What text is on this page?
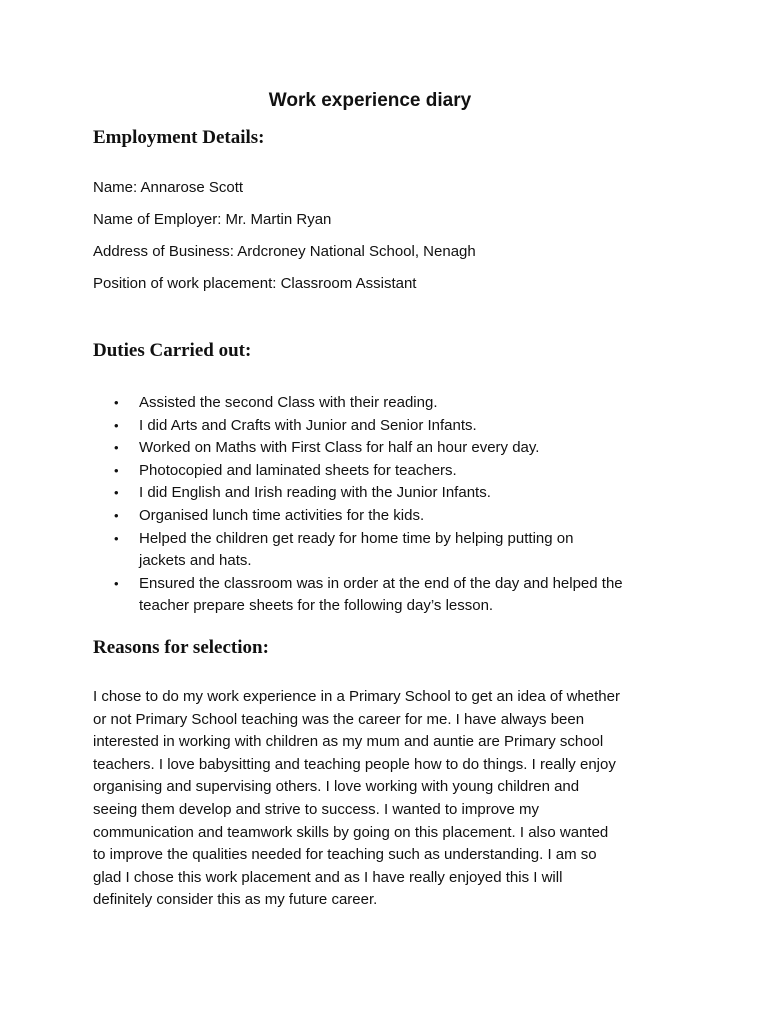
Work experience diary
Employment Details:

Name: Annarose Scott

Name of Employer: Mr. Martin Ryan

Address of Business: Ardcroney National School, Nenagh

Position of work placement: Classroom Assistant

Duties Carried out:
• Assisted the second Class with their reading.
• I did Arts and Crafts with Junior and Senior Infants.
• Worked on Maths with First Class for half an hour every day.
• Photocopied and laminated sheets for teachers.
• I did English and Irish reading with the Junior Infants.
• Organised lunch time activities for the kids.
• Helped the children get ready for home time by helping putting on
jackets and hats.
• Ensured the classroom was in order at the end of the day and helped the
teacher prepare sheets for the following day’s lesson.
Reasons for selection:
I chose to do my work experience in a Primary School to get an idea of whether
or not Primary School teaching was the career for me. I have always been
interested in working with children as my mum and auntie are Primary school
teachers. I love babysitting and teaching people how to do things. I really enjoy
organising and supervising others. I love working with young children and
seeing them develop and strive to success. I wanted to improve my
communication and teamwork skills by going on this placement. I also wanted
to improve the qualities needed for teaching such as understanding. I am so
glad I chose this work placement and as I have really enjoyed this I will
definitely consider this as my future career.
